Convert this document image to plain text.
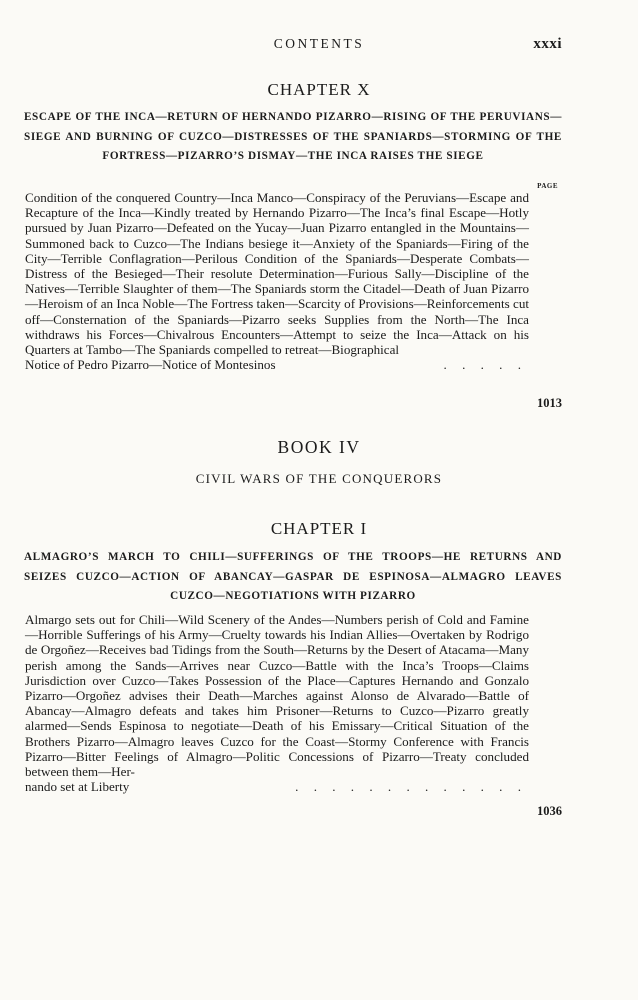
CONTENTS	xxxi
CHAPTER X
ESCAPE OF THE INCA—RETURN OF HERNANDO PIZARRO—RISING OF THE PERUVIANS—SIEGE AND BURNING OF CUZCO—DISTRESSES OF THE SPANIARDS—STORMING OF THE FORTRESS—PIZARRO’S DISMAY—THE INCA RAISES THE SIEGE
PAGE
Condition of the conquered Country—Inca Manco—Conspiracy of the Peruvians—Escape and Recapture of the Inca—Kindly treated by Hernando Pizarro—The Inca’s final Escape—Hotly pursued by Juan Pizarro—Defeated on the Yucay—Juan Pizarro entangled in the Mountains—Summoned back to Cuzco—The Indians besiege it—Anxiety of the Spaniards—Firing of the City—Terrible Conflagration—Perilous Condition of the Spaniards—Desperate Combats—Distress of the Besieged—Their resolute Determination—Furious Sally—Discipline of the Natives—Terrible Slaughter of them—The Spaniards storm the Citadel—Death of Juan Pizarro—Heroism of an Inca Noble—The Fortress taken—Scarcity of Provisions—Reinforcements cut off—Consternation of the Spaniards—Pizarro seeks Supplies from the North—The Inca withdraws his Forces—Chivalrous Encounters—Attempt to seize the Inca—Attack on his Quarters at Tambo—The Spaniards compelled to retreat—Biographical
Notice of Pedro Pizarro—Notice of Montesinos	. . . . .
1013
BOOK IV
CIVIL WARS OF THE CONQUERORS
CHAPTER I
ALMAGRO’S MARCH TO CHILI—SUFFERINGS OF THE TROOPS—HE RETURNS AND SEIZES CUZCO—ACTION OF ABANCAY—GASPAR DE ESPINOSA—ALMAGRO LEAVES CUZCO—NEGOTIATIONS WITH PIZARRO
Almargo sets out for Chili—Wild Scenery of the Andes—Numbers perish of Cold and Famine—Horrible Sufferings of his Army—Cruelty towards his Indian Allies—Overtaken by Rodrigo de Orgoñez—Receives bad Tidings from the South—Returns by the Desert of Atacama—Many perish among the Sands—Arrives near Cuzco—Battle with the Inca’s Troops—Claims Jurisdiction over Cuzco—Takes Possession of the Place—Captures Hernando and Gonzalo Pizarro—Orgoñez advises their Death—Marches against Alonso de Alvarado—Battle of Abancay—Almagro defeats and takes him Prisoner—Returns to Cuzco—Pizarro greatly alarmed—Sends Espinosa to negotiate—Death of his Emissary—Critical Situation of the Brothers Pizarro—Almagro leaves Cuzco for the Coast—Stormy Conference with Francis Pizarro—Bitter Feelings of Almagro—Politic Concessions of Pizarro—Treaty concluded between them—Her-
nando set at Liberty	. . . . . . . . . . . . .
1036
